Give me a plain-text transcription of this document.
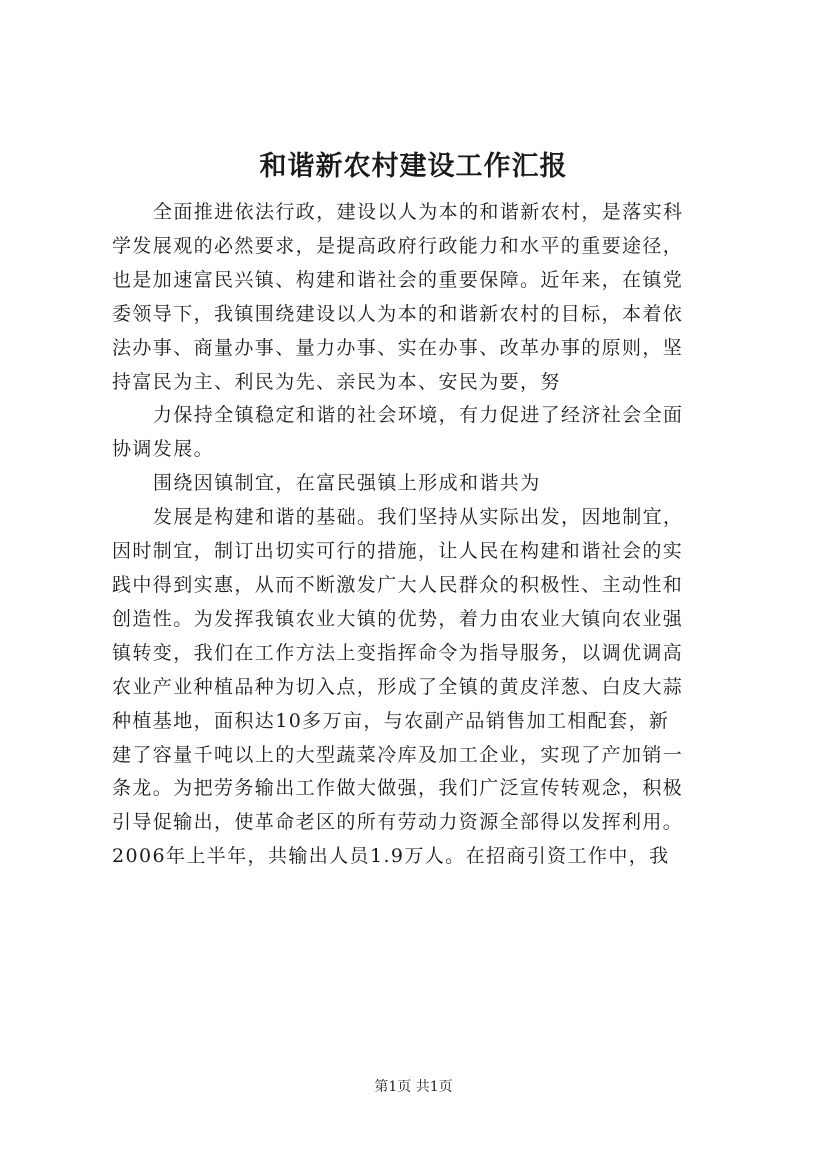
和谐新农村建设工作汇报

全面推进依法行政，建设以人为本的和谐新农村，是落实科
学发展观的必然要求，是提高政府行政能力和水平的重要途径，
也是加速富民兴镇、构建和谐社会的重要保障。近年来，在镇党
委领导下，我镇围绕建设以人为本的和谐新农村的目标，本着依
法办事、商量办事、量力办事、实在办事、改革办事的原则，坚
持富民为主、利民为先、亲民为本、安民为要，努

力保持全镇稳定和谐的社会环境，有力促进了经济社会全面
协调发展。

围绕因镇制宜，在富民强镇上形成和谐共为

发展是构建和谐的基础。我们坚持从实际出发，因地制宜，
因时制宜，制订出切实可行的措施，让人民在构建和谐社会的实
践中得到实惠，从而不断激发广大人民群众的积极性、主动性和
创造性。为发挥我镇农业大镇的优势，着力由农业大镇向农业强
镇转变，我们在工作方法上变指挥命令为指导服务，以调优调高
农业产业种植品种为切入点，形成了全镇的黄皮洋葱、白皮大蒜
种植基地，面积达10多万亩，与农副产品销售加工相配套，新
建了容量千吨以上的大型蔬菜冷库及加工企业，实现了产加销一
条龙。为把劳务输出工作做大做强，我们广泛宣传转观念，积极
引导促输出，使革命老区的所有劳动力资源全部得以发挥利用。
2006年上半年，共输出人员1.9万人。在招商引资工作中，我

第1页 共1页
